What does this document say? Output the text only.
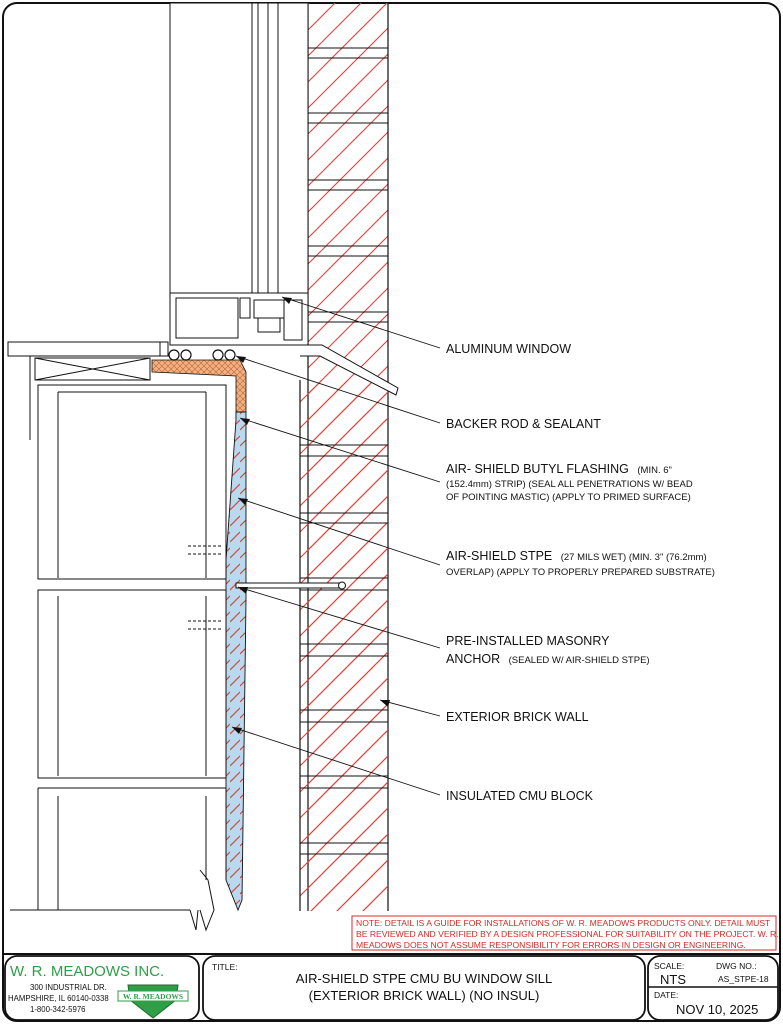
ALUMINUM WINDOW
BACKER ROD & SEALANT
AIR- SHIELD BUTYL FLASHING (MIN. 6"
(152.4mm) STRIP) (SEAL ALL PENETRATIONS W/ BEAD
OF POINTING MASTIC) (APPLY TO PRIMED SURFACE)
AIR-SHIELD STPE (27 MILS WET) (MIN. 3" (76.2mm)
OVERLAP) (APPLY TO PROPERLY PREPARED SUBSTRATE)
PRE-INSTALLED MASONRY
ANCHOR (SEALED W/ AIR-SHIELD STPE)
EXTERIOR BRICK WALL
INSULATED CMU BLOCK
NOTE: DETAIL IS A GUIDE FOR INSTALLATIONS OF W. R. MEADOWS PRODUCTS ONLY. DETAIL MUST
BE REVIEWED AND VERIFIED BY A DESIGN PROFESSIONAL FOR SUITABILITY ON THE PROJECT. W. R.
MEADOWS DOES NOT ASSUME RESPONSIBILITY FOR ERRORS IN DESIGN OR ENGINEERING.
W. R. MEADOWS INC.
300 INDUSTRIAL DR.
HAMPSHIRE, IL 60140-0338
1-800-342-5976
W. R. MEADOWS
TITLE:
AIR-SHIELD STPE CMU BU WINDOW SILL
(EXTERIOR BRICK WALL) (NO INSUL)
SCALE:
NTS
DWG NO.:
AS_STPE-18
DATE:
NOV 10, 2025
